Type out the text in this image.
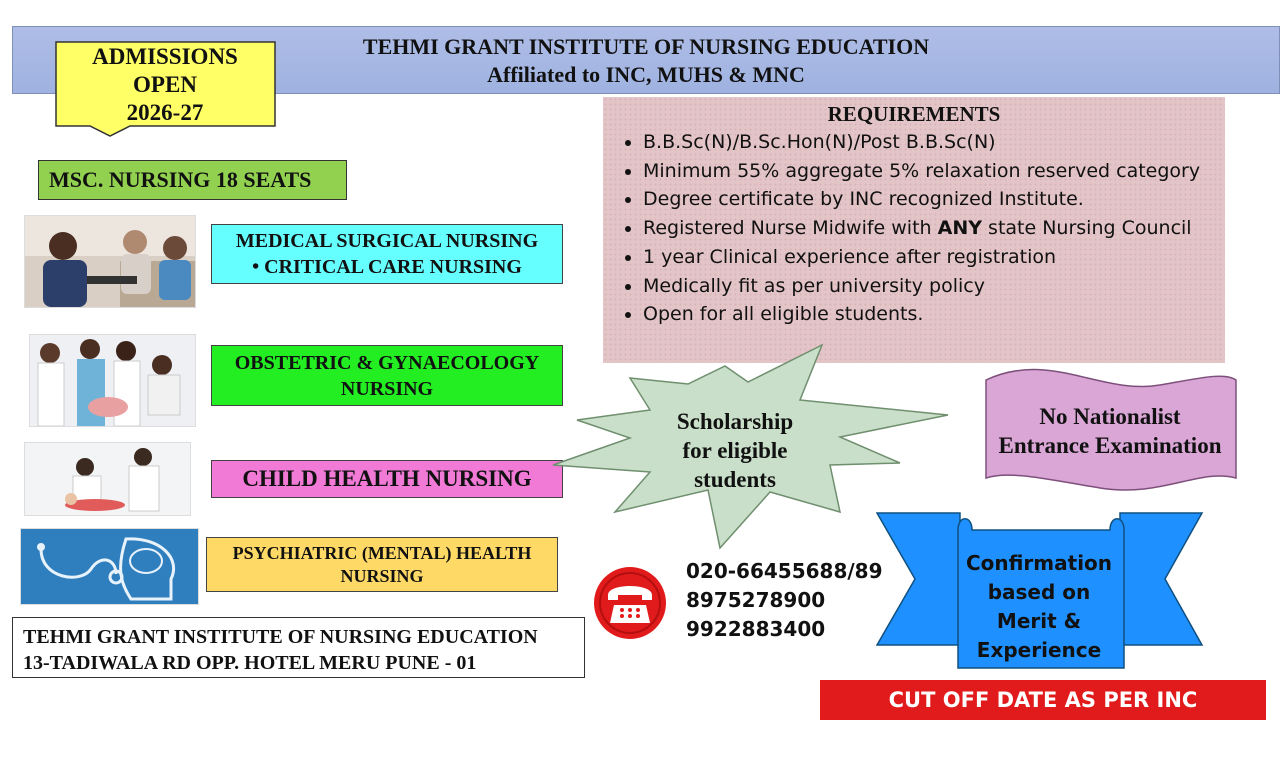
TEHMI GRANT INSTITUTE OF NURSING EDUCATION
Affiliated to INC, MUHS & MNC
ADMISSIONS
OPEN
2026-27
MSC. NURSING 18 SEATS
MEDICAL SURGICAL NURSING
• CRITICAL CARE NURSING
OBSTETRIC & GYNAECOLOGY
NURSING
CHILD HEALTH NURSING
PSYCHIATRIC (MENTAL) HEALTH
NURSING
REQUIREMENTS
• B.B.Sc(N)/B.Sc.Hon(N)/Post B.B.Sc(N)
• Minimum 55% aggregate 5% relaxation reserved category
• Degree certificate by INC recognized Institute.
• Registered Nurse Midwife with ANY state Nursing Council
• 1 year Clinical experience after registration
• Medically fit as per university policy
• Open for all eligible students.
Scholarship
for eligible
students
No Nationalist
Entrance Examination
Confirmation
based on
Merit &
Experience
020-66455688/89
8975278900
9922883400
TEHMI GRANT INSTITUTE OF NURSING EDUCATION
13-TADIWALA RD OPP. HOTEL MERU PUNE - 01
CUT OFF DATE AS PER INC 30/09/2026
